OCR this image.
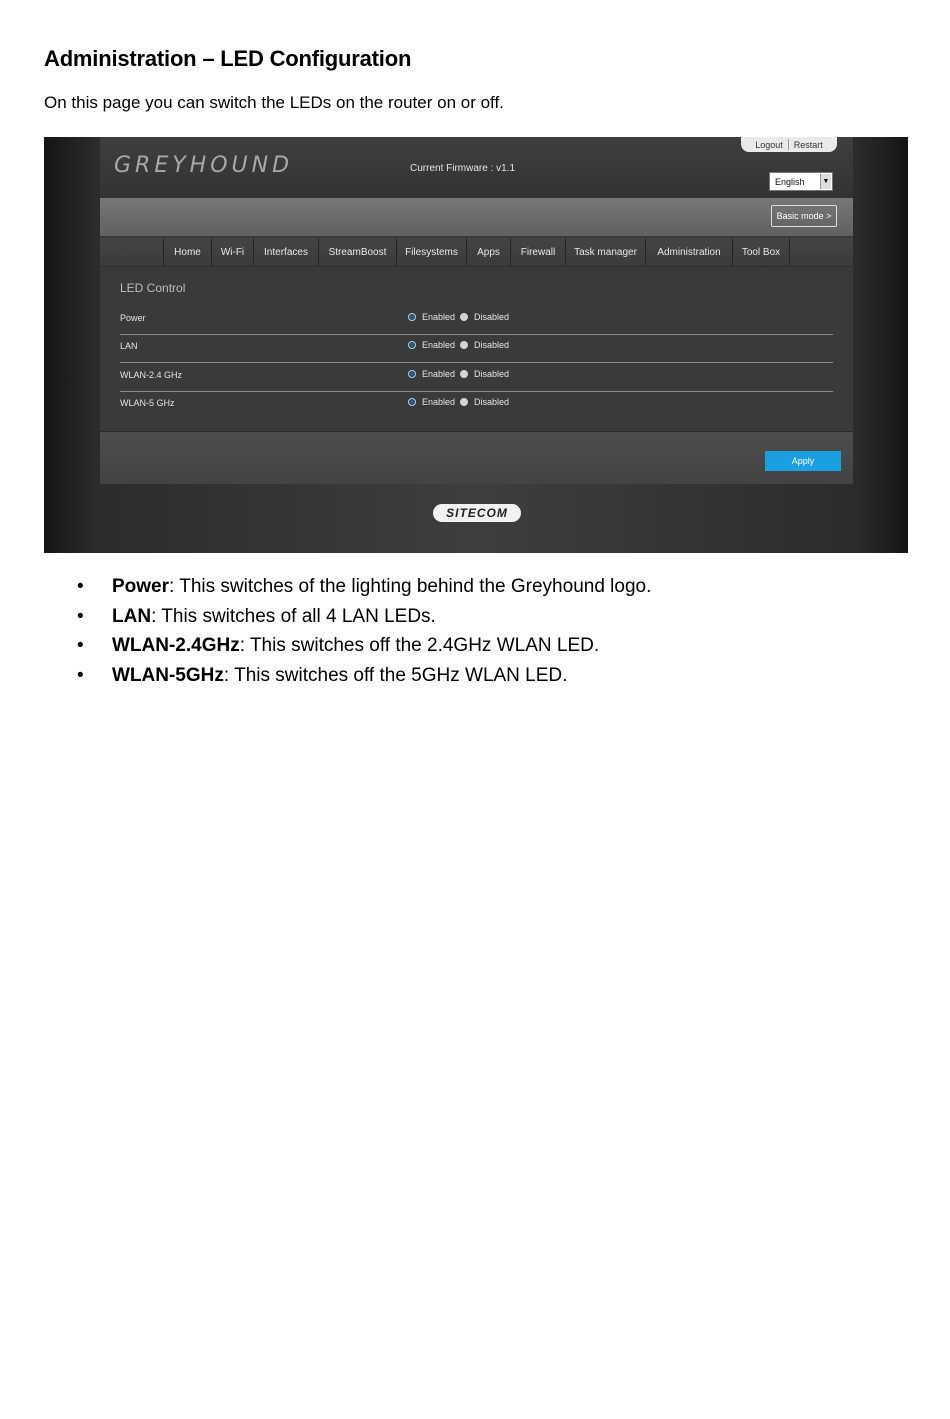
Administration – LED Configuration

On this page you can switch the LEDs on the router on or off.

GREYHOUND	Current Firmware : v1.1
Logout	Restart
English	▼
Basic mode >
Home	Wi-Fi	Interfaces	StreamBoost	Filesystems	Apps	Firewall	Task manager	Administration	Tool Box
LED Control
Power	Enabled Disabled
LAN	Enabled Disabled
WLAN-2.4 GHz	Enabled Disabled
WLAN-5 GHz	Enabled Disabled
Apply
SITECOM
• Power: This switches of the lighting behind the Greyhound logo.
• LAN: This switches of all 4 LAN LEDs.
• WLAN-2.4GHz: This switches off the 2.4GHz WLAN LED.
• WLAN-5GHz: This switches off the 5GHz WLAN LED.
